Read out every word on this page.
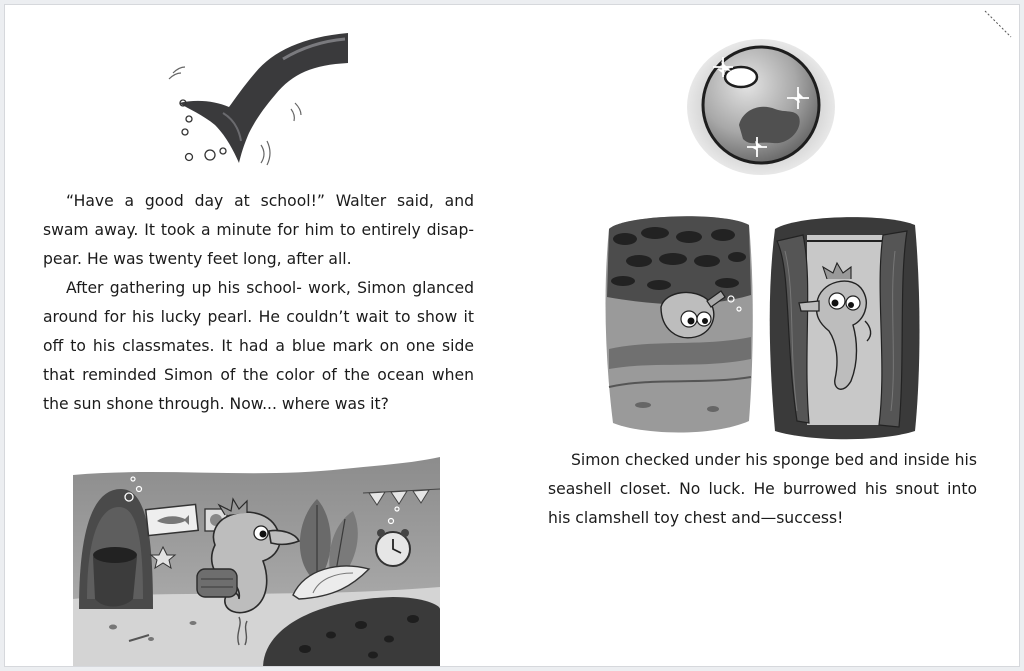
“Have a good day at school!” Walter said, and swam away. It took a minute for him to entirely disap-pear. He was twenty feet long, after all.

After gathering up his school- work, Simon glanced around for his lucky pearl. He couldn’t wait to show it off to his classmates. It had a blue mark on one side that reminded Simon of the color of the ocean when the sun shone through. Now... where was it?

Simon checked under his sponge bed and inside his seashell closet. No luck. He burrowed his snout into his clamshell toy chest and—success!
